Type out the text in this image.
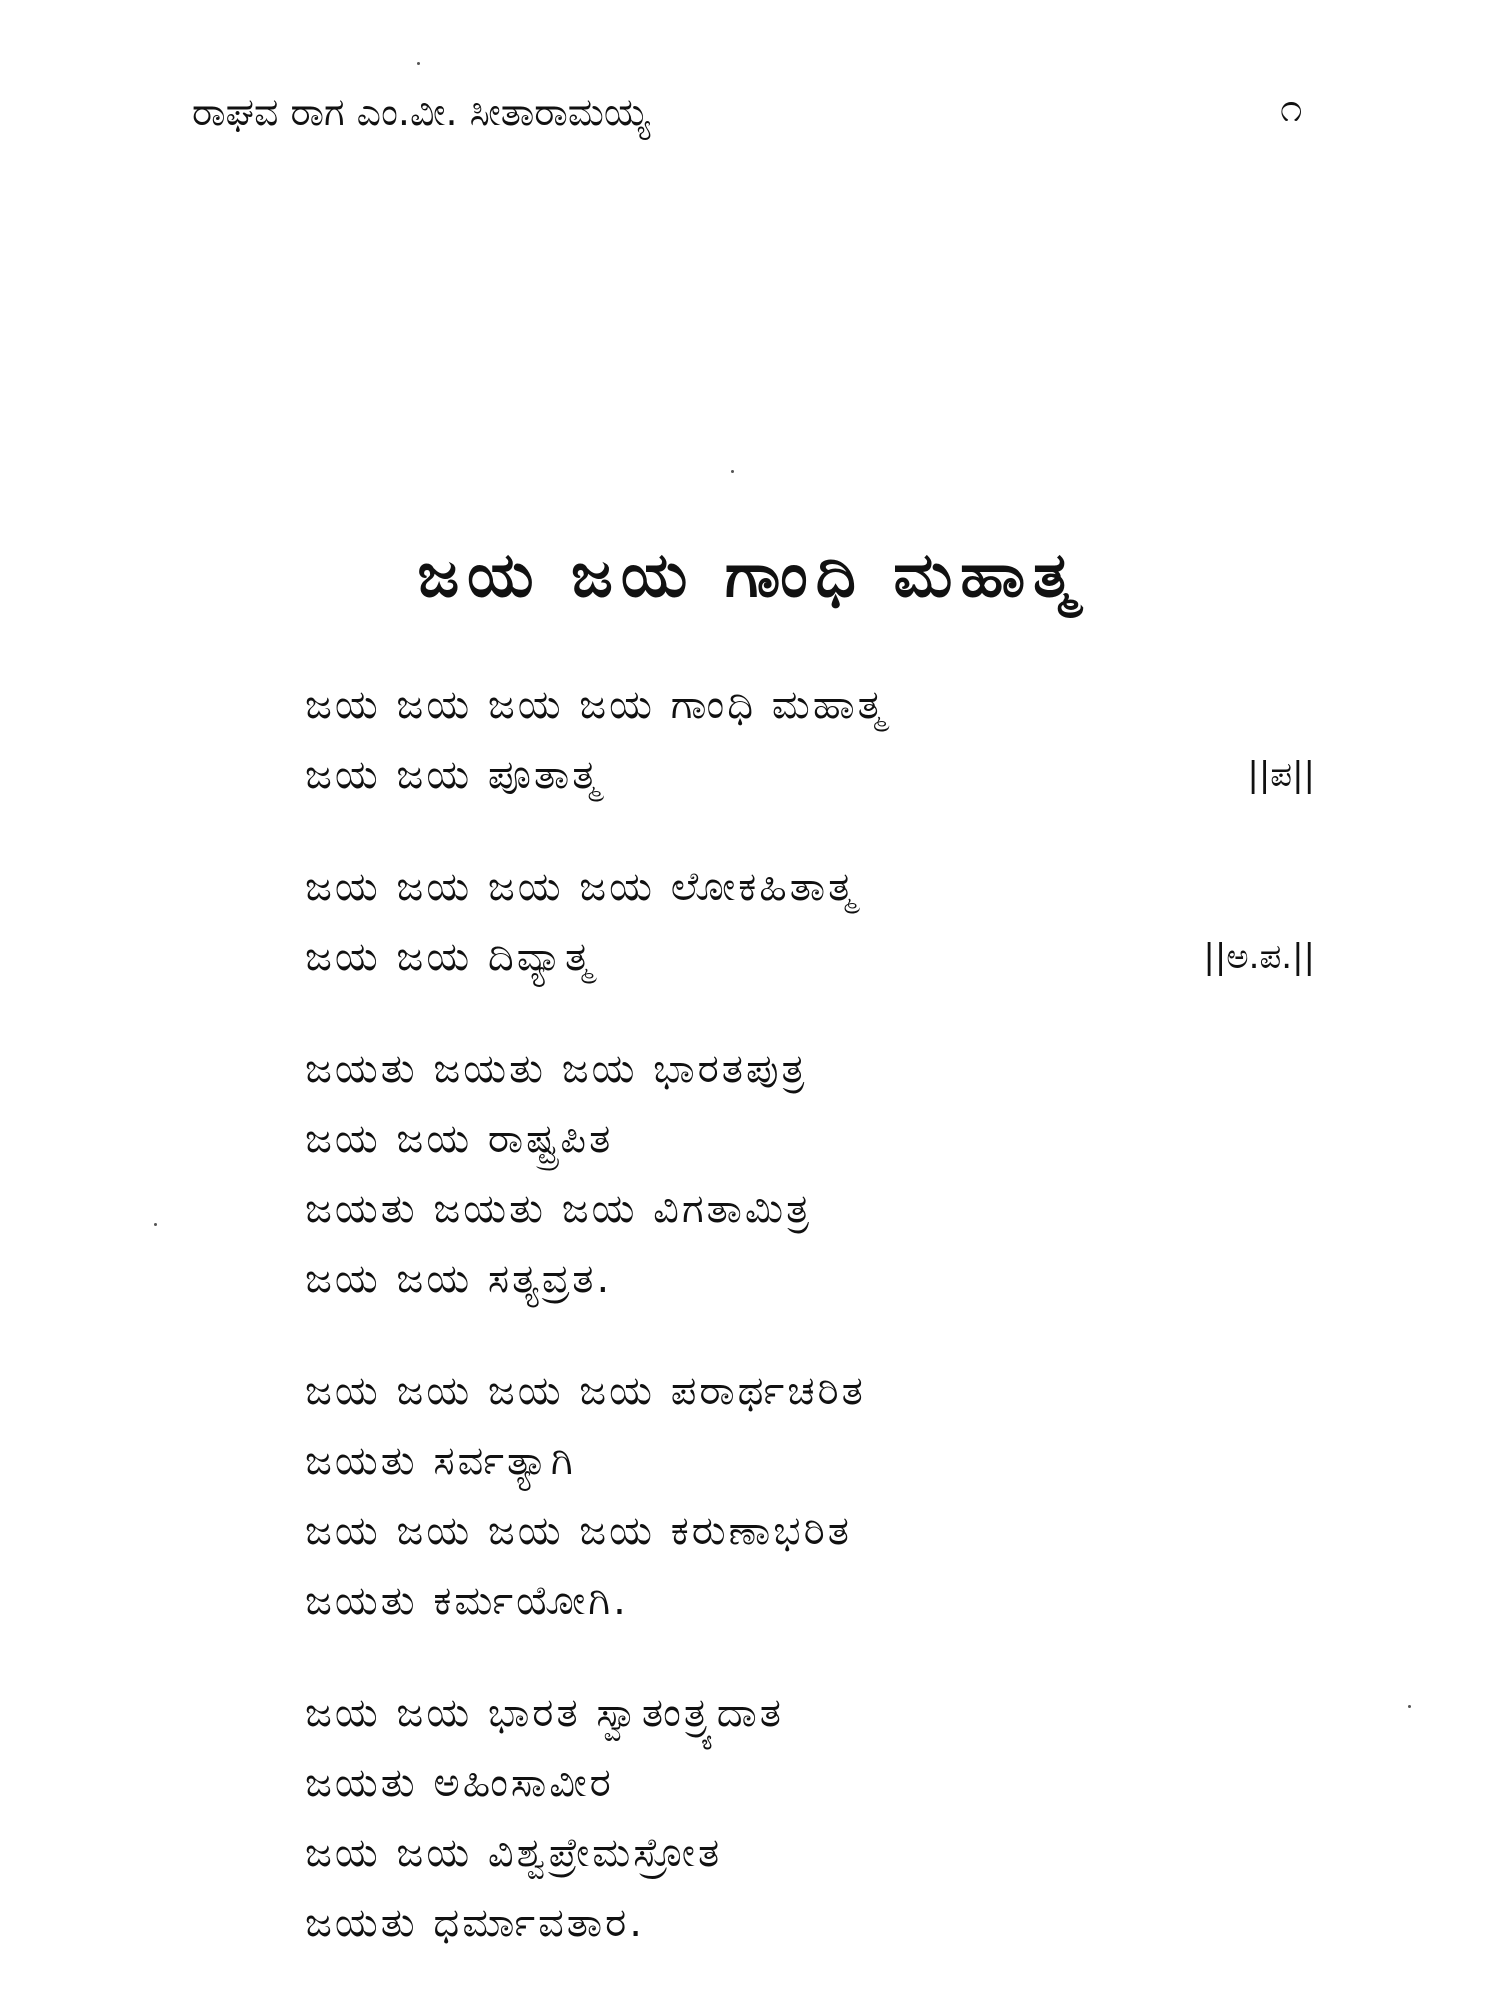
ರಾಘವ ರಾಗ ಎಂ.ವೀ. ಸೀತಾರಾಮಯ್ಯ	೧
ಜಯ ಜಯ ಗಾಂಧಿ ಮಹಾತ್ಮ
ಜಯ ಜಯ ಜಯ ಜಯ ಗಾಂಧಿ ಮಹಾತ್ಮ
ಜಯ ಜಯ ಪೂತಾತ್ಮ	||ಪ||
ಜಯ ಜಯ ಜಯ ಜಯ ಲೋಕಹಿತಾತ್ಮ
ಜಯ ಜಯ ದಿವ್ಯಾತ್ಮ	||ಅ.ಪ.||
ಜಯತು ಜಯತು ಜಯ ಭಾರತಪುತ್ರ
ಜಯ ಜಯ ರಾಷ್ಟ್ರಪಿತ
ಜಯತು ಜಯತು ಜಯ ವಿಗತಾಮಿತ್ರ
ಜಯ ಜಯ ಸತ್ಯವ್ರತ.
ಜಯ ಜಯ ಜಯ ಜಯ ಪರಾರ್ಥಚರಿತ
ಜಯತು ಸರ್ವತ್ಯಾಗಿ
ಜಯ ಜಯ ಜಯ ಜಯ ಕರುಣಾಭರಿತ
ಜಯತು ಕರ್ಮಯೋಗಿ.
ಜಯ ಜಯ ಭಾರತ ಸ್ವಾತಂತ್ರ್ಯದಾತ
ಜಯತು ಅಹಿಂಸಾವೀರ
ಜಯ ಜಯ ವಿಶ್ವಪ್ರೇಮಸ್ರೋತ
ಜಯತು ಧರ್ಮಾವತಾರ.
